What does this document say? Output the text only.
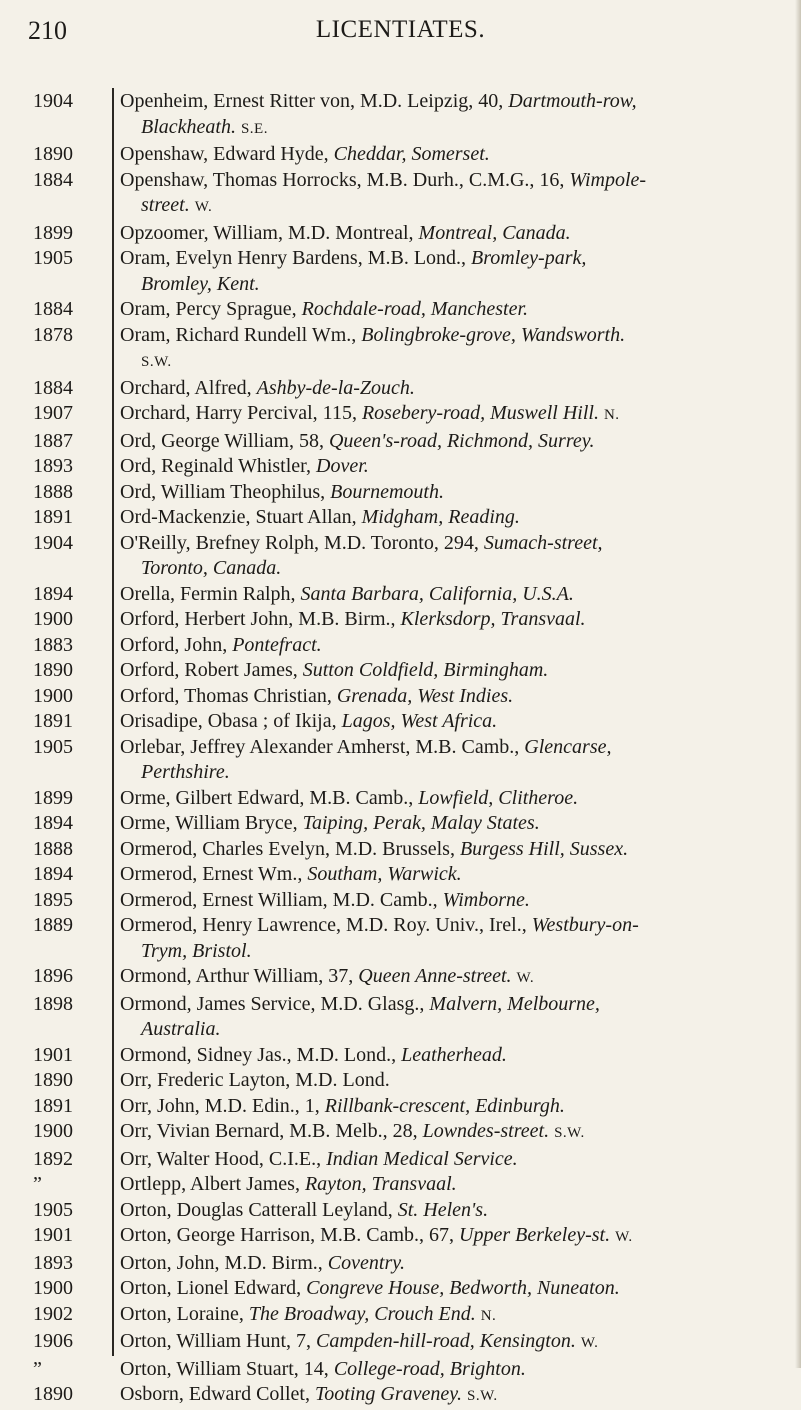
210	LICENTIATES.
1904	Openheim, Ernest Ritter von, M.D. Leipzig, 40, Dartmouth-row,
Blackheath. S.E.
1890	Openshaw, Edward Hyde, Cheddar, Somerset.
1884	Openshaw, Thomas Horrocks, M.B. Durh., C.M.G., 16, Wimpole-
street. W.
1899	Opzoomer, William, M.D. Montreal, Montreal, Canada.
1905	Oram, Evelyn Henry Bardens, M.B. Lond., Bromley-park,
Bromley, Kent.
1884	Oram, Percy Sprague, Rochdale-road, Manchester.
1878	Oram, Richard Rundell Wm., Bolingbroke-grove, Wandsworth.
S.W.
1884	Orchard, Alfred, Ashby-de-la-Zouch.
1907	Orchard, Harry Percival, 115, Rosebery-road, Muswell Hill. N.
1887	Ord, George William, 58, Queen's-road, Richmond, Surrey.
1893	Ord, Reginald Whistler, Dover.
1888	Ord, William Theophilus, Bournemouth.
1891	Ord-Mackenzie, Stuart Allan, Midgham, Reading.
1904	O'Reilly, Brefney Rolph, M.D. Toronto, 294, Sumach-street,
Toronto, Canada.
1894	Orella, Fermin Ralph, Santa Barbara, California, U.S.A.
1900	Orford, Herbert John, M.B. Birm., Klerksdorp, Transvaal.
1883	Orford, John, Pontefract.
1890	Orford, Robert James, Sutton Coldfield, Birmingham.
1900	Orford, Thomas Christian, Grenada, West Indies.
1891	Orisadipe, Obasa ; of Ikija, Lagos, West Africa.
1905	Orlebar, Jeffrey Alexander Amherst, M.B. Camb., Glencarse,
Perthshire.
1899	Orme, Gilbert Edward, M.B. Camb., Lowfield, Clitheroe.
1894	Orme, William Bryce, Taiping, Perak, Malay States.
1888	Ormerod, Charles Evelyn, M.D. Brussels, Burgess Hill, Sussex.
1894	Ormerod, Ernest Wm., Southam, Warwick.
1895	Ormerod, Ernest William, M.D. Camb., Wimborne.
1889	Ormerod, Henry Lawrence, M.D. Roy. Univ., Irel., Westbury-on-
Trym, Bristol.
1896	Ormond, Arthur William, 37, Queen Anne-street. W.
1898	Ormond, James Service, M.D. Glasg., Malvern, Melbourne,
Australia.
1901	Ormond, Sidney Jas., M.D. Lond., Leatherhead.
1890	Orr, Frederic Layton, M.D. Lond.
1891	Orr, John, M.D. Edin., 1, Rillbank-crescent, Edinburgh.
1900	Orr, Vivian Bernard, M.B. Melb., 28, Lowndes-street. S.W.
1892	Orr, Walter Hood, C.I.E., Indian Medical Service.
”	Ortlepp, Albert James, Rayton, Transvaal.
1905	Orton, Douglas Catterall Leyland, St. Helen's.
1901	Orton, George Harrison, M.B. Camb., 67, Upper Berkeley-st. W.
1893	Orton, John, M.D. Birm., Coventry.
1900	Orton, Lionel Edward, Congreve House, Bedworth, Nuneaton.
1902	Orton, Loraine, The Broadway, Crouch End. N.
1906	Orton, William Hunt, 7, Campden-hill-road, Kensington. W.
”	Orton, William Stuart, 14, College-road, Brighton.
1890	Osborn, Edward Collet, Tooting Graveney. S.W.
